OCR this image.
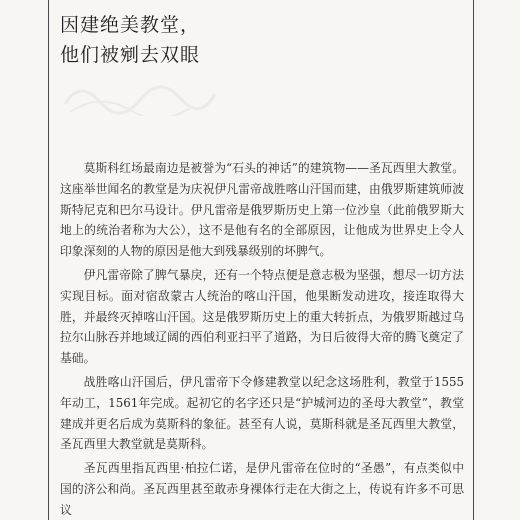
因建绝美教堂，
他们被剜去双眼

莫斯科红场最南边是被誉为“石头的神话”的建筑物——圣瓦西里大教堂。这座举世闻名的教堂是为庆祝伊凡雷帝战胜喀山汗国而建，由俄罗斯建筑师波斯特尼克和巴尔马设计。伊凡雷帝是俄罗斯历史上第一位沙皇（此前俄罗斯大地上的统治者称为大公），这不是他有名的全部原因，让他成为世界史上令人印象深刻的人物的原因是他大到残暴级别的坏脾气。

伊凡雷帝除了脾气暴戾，还有一个特点便是意志极为坚强，想尽一切方法实现目标。面对宿敌蒙古人统治的喀山汗国，他果断发动进攻，接连取得大胜，并最终灭掉喀山汗国。这是俄罗斯历史上的重大转折点，为俄罗斯越过乌拉尔山脉吞并地域辽阔的西伯利亚扫平了道路，为日后彼得大帝的腾飞奠定了基础。

战胜喀山汗国后，伊凡雷帝下令修建教堂以纪念这场胜利，教堂于1555年动工，1561年完成。起初它的名字还只是“护城河边的圣母大教堂”，教堂建成并更名后成为莫斯科的象征。甚至有人说，莫斯科就是圣瓦西里大教堂，圣瓦西里大教堂就是莫斯科。

圣瓦西里指瓦西里·柏拉仁诺，是伊凡雷帝在位时的“圣愚”，有点类似中国的济公和尚。圣瓦西里甚至敢赤身裸体行走在大街之上，传说有许多不可思议
